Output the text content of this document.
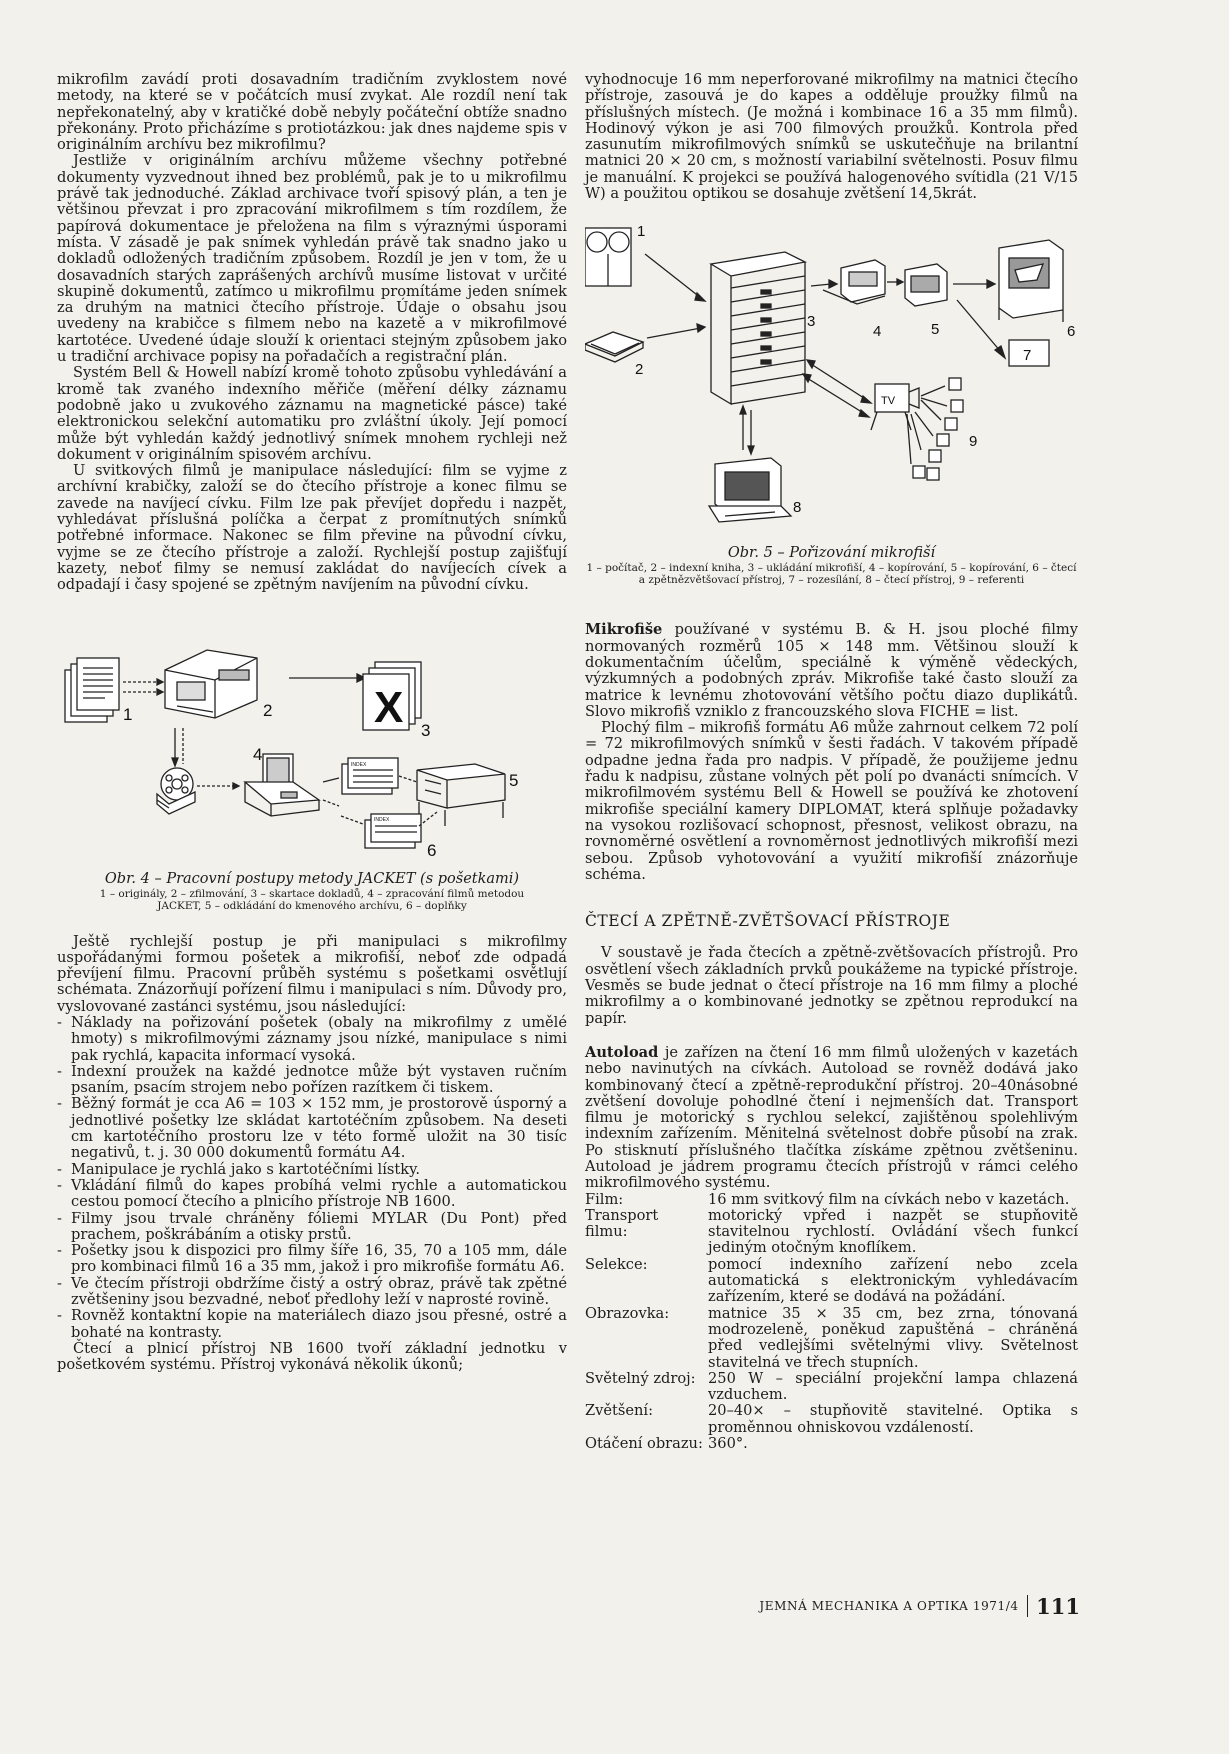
mikrofilm zavádí proti dosavadním tradičním zvyklostem nové metody, na které se v počátcích musí zvykat. Ale rozdíl není tak nepřekonatelný, aby v kratičké době nebyly počáteční obtíže snadno překonány. Proto přicházíme s protiotázkou: jak dnes najdeme spis v originálním archívu bez mikrofilmu?

Jestliže v originálním archívu můžeme všechny potřebné dokumenty vyzvednout ihned bez problémů, pak je to u mikrofilmu právě tak jednoduché. Základ archivace tvoří spisový plán, a ten je většinou převzat i pro zpracování mikrofilmem s tím rozdílem, že papírová dokumentace je přeložena na film s výraznými úsporami místa. V zásadě je pak snímek vyhledán právě tak snadno jako u dokladů odložených tradičním způsobem. Rozdíl je jen v tom, že u dosavadních starých zaprášených archívů musíme listovat v určité skupině dokumentů, zatímco u mikrofilmu promítáme jeden snímek za druhým na matnici čtecího přístroje. Údaje o obsahu jsou uvedeny na krabičce s filmem nebo na kazetě a v mikrofilmové kartotéce. Uvedené údaje slouží k orientaci stejným způsobem jako u tradiční archivace popisy na pořadačích a registrační plán.

Systém Bell & Howell nabízí kromě tohoto způsobu vyhledávání a kromě tak zvaného indexního měřiče (měření délky záznamu podobně jako u zvukového záznamu na magnetické pásce) také elektronickou selekční automatiku pro zvláštní úkoly. Její pomocí může být vyhledán každý jednotlivý snímek mnohem rychleji než dokument v originálním spisovém archívu.

U svitkových filmů je manipulace následující: film se vyjme z archívní krabičky, založí se do čtecího přístroje a konec filmu se zavede na navíjecí cívku. Film lze pak převíjet dopředu i nazpět, vyhledávat příslušná políčka a čerpat z promítnutých snímků potřebné informace. Nakonec se film převine na původní cívku, vyjme se ze čtecího přístroje a založí. Rychlejší postup zajišťují kazety, neboť filmy se nemusí zakládat do navíjecích cívek a odpadají i časy spojené se zpětným navíjením na původní cívku.

X
INDEX
INDEX
1	2
3
4
5
6
Obr. 4 – Pracovní postupy metody JACKET (s pošetkami)
1 – originály, 2 – zfilmování, 3 – skartace dokladů, 4 – zpracování filmů metodou JACKET, 5 – odkládání do kmenového archívu, 6 – doplňky

Ještě rychlejší postup je při manipulaci s mikrofilmy uspořádanými formou pošetek a mikrofiší, neboť zde odpadá převíjení filmu. Pracovní průběh systému s pošetkami osvětlují schémata. Znázorňují pořízení filmu i manipulaci s ním. Důvody pro, vyslovované zastánci systému, jsou následující:

- Náklady na pořizování pošetek (obaly na mikrofilmy z umělé hmoty) s mikrofilmovými záznamy jsou nízké, manipulace s nimi pak rychlá, kapacita informací vysoká.
- Indexní proužek na každé jednotce může být vystaven ručním psaním, psacím strojem nebo pořízen razítkem či tiskem.
- Běžný formát je cca A6 = 103 × 152 mm, je prostorově úsporný a jednotlivé pošetky lze skládat kartotéčním způsobem. Na deseti cm kartotéčního prostoru lze v této formě uložit na 30 tisíc negativů, t. j. 30 000 dokumentů formátu A4.
- Manipulace je rychlá jako s kartotéčními lístky.
- Vkládání filmů do kapes probíhá velmi rychle a automatickou cestou pomocí čtecího a plnicího přístroje NB 1600.
- Filmy jsou trvale chráněny fóliemi MYLAR (Du Pont) před prachem, poškrábáním a otisky prstů.
- Pošetky jsou k dispozici pro filmy šíře 16, 35, 70 a 105 mm, dále pro kombinaci filmů 16 a 35 mm, jakož i pro mikrofiše formátu A6.
- Ve čtecím přístroji obdržíme čistý a ostrý obraz, právě tak zpětné zvětšeniny jsou bezvadné, neboť předlohy leží v naprosté rovině.
- Rovněž kontaktní kopie na materiálech diazo jsou přesné, ostré a bohaté na kontrasty.

Čtecí a plnicí přístroj NB 1600 tvoří základní jednotku v pošetkovém systému. Přístroj vykonává několik úkonů;

vyhodnocuje 16 mm neperforované mikrofilmy na matnici čtecího přístroje, zasouvá je do kapes a odděluje proužky filmů na příslušných místech. (Je možná i kombinace 16 a 35 mm filmů). Hodinový výkon je asi 700 filmových proužků. Kontrola před zasunutím mikrofilmových snímků se uskutečňuje na brilantní matnici 20 × 20 cm, s možností variabilní světelnosti. Posuv filmu je manuální. K projekci se používá halogenového svítidla (21 V/15 W) a použitou optikou se dosahuje zvětšení 14,5krát.

TV
1
2
3
4	5	6
7
8
9
Obr. 5 – Pořizování mikrofiší
1 – počítač, 2 – indexní kniha, 3 – ukládání mikrofiší, 4 – kopírování, 5 – kopírování, 6 – čtecí a zpětnězvětšovací přístroj, 7 – rozesílání, 8 – čtecí přístroj, 9 – referenti

Mikrofiše používané v systému B. & H. jsou ploché filmy normovaných rozměrů 105 × 148 mm. Většinou slouží k dokumentačním účelům, speciálně k výměně vědeckých, výzkumných a podobných zpráv. Mikrofiše také často slouží za matrice k levnému zhotovování většího počtu diazo duplikátů. Slovo mikrofiš vzniklo z francouzského slova FICHE = list.

Plochý film – mikrofiš formátu A6 může zahrnout celkem 72 polí = 72 mikrofilmových snímků v šesti řadách. V takovém případě odpadne jedna řada pro nadpis. V případě, že použijeme jednu řadu k nadpisu, zůstane volných pět polí po dvanácti snímcích. V mikrofilmovém systému Bell & Howell se používá ke zhotovení mikrofiše speciální kamery DIPLOMAT, která splňuje požadavky na vysokou rozlišovací schopnost, přesnost, velikost obrazu, na rovnoměrné osvětlení a rovnoměrnost jednotlivých mikrofiší mezi sebou. Způsob vyhotovování a využití mikrofiší znázorňuje schéma.

ČTECÍ A ZPĚTNĚ-ZVĚTŠOVACÍ PŘÍSTROJE

V soustavě je řada čtecích a zpětně-zvětšovacích přístrojů. Pro osvětlení všech základních prvků poukážeme na typické přístroje. Vesměs se bude jednat o čtecí přístroje na 16 mm filmy a ploché mikrofilmy a o kombinované jednotky se zpětnou reprodukcí na papír.

Autoload je zařízen na čtení 16 mm filmů uložených v kazetách nebo navinutých na cívkách. Autoload se rovněž dodává jako kombinovaný čtecí a zpětně-reprodukční přístroj. 20–40násobné zvětšení dovoluje pohodlné čtení i nejmenších dat. Transport filmu je motorický s rychlou selekcí, zajištěnou spolehlivým indexním zařízením. Měnitelná světelnost dobře působí na zrak. Po stisknutí příslušného tlačítka získáme zpětnou zvětšeninu. Autoload je jádrem programu čtecích přístrojů v rámci celého mikrofilmového systému.

Film:	16 mm svitkový film na cívkách nebo v kazetách.
Transport filmu:
motorický vpřed i nazpět se stupňovitě stavitelnou rychlostí. Ovládání všech funkcí jediným otočným knoflíkem.
Selekce:	pomocí indexního zařízení nebo zcela automatická s elektronickým vyhledávacím zařízením, které se dodává na požádání.
Obrazovka:	matnice 35 × 35 cm, bez zrna, tónovaná modrozeleně, poněkud zapuštěná – chráněná před vedlejšími světelnými vlivy. Světelnost stavitelná ve třech stupních.
Světelný zdroj: 250 W – speciální projekční lampa chlazená vzduchem.
Zvětšení:	20–40× – stupňovitě stavitelné. Optika s proměnnou ohniskovou vzdáleností.
Otáčení obrazu: 360°.
JEMNÁ MECHANIKA A OPTIKA 1971/4 111
